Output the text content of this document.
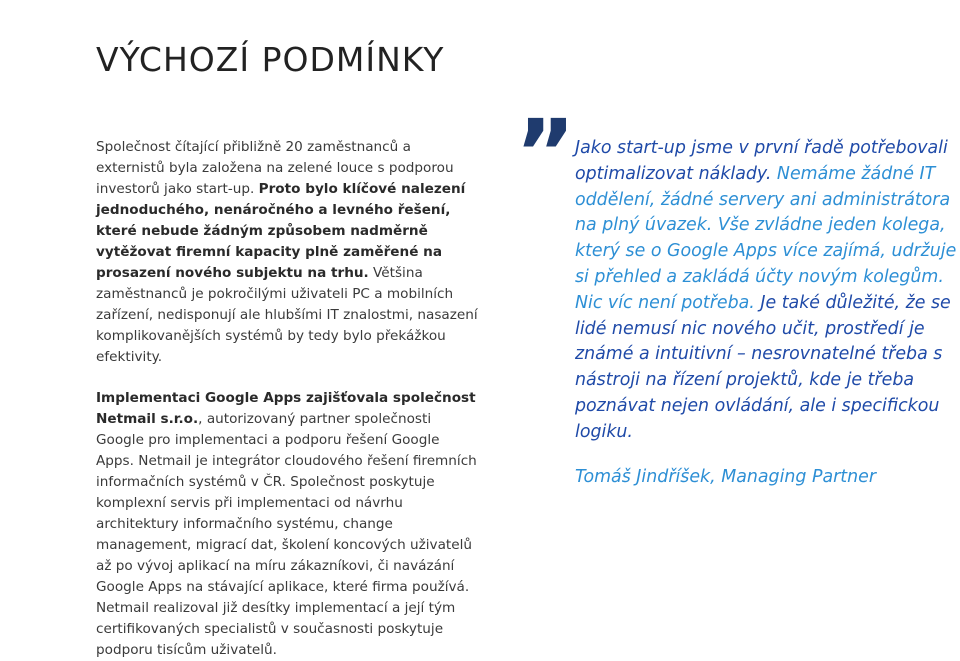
VÝCHOZÍ PODMÍNKY

Společnost čítající přibližně 20 zaměstnanců a externistů byla založena na zelené louce s podporou investorů jako start-up. Proto bylo klíčové nalezení jednoduchého, nenáročného a levného řešení, které nebude žádným způsobem nadměrně vytěžovat firemní kapacity plně zaměřené na prosazení nového subjektu na trhu. Většina zaměstnanců je pokročilými uživateli PC a mobilních zařízení, nedisponují ale hlubšími IT znalostmi, nasazení komplikovanějších systémů by tedy bylo překážkou efektivity.

Implementaci Google Apps zajišťovala společnost Netmail s.r.o., autorizovaný partner společnosti Google pro implementaci a podporu řešení Google Apps. Netmail je integrátor cloudového řešení firemních informačních systémů v ČR. Společnost poskytuje komplexní servis při implementaci od návrhu architektury informačního systému, change management, migrací dat, školení koncových uživatelů až po vývoj aplikací na míru zákazníkovi, či navázání Google Apps na stávající aplikace, které firma používá. Netmail realizoval již desítky implementací a její tým certifikovaných specialistů v současnosti poskytuje podporu tisícům uživatelů.

” Jako start-up jsme v první řadě potřebovali optimalizovat náklady. Nemáme žádné IT oddělení, žádné servery ani administrátora na plný úvazek. Vše zvládne jeden kolega, který se o Google Apps více zajímá, udržuje si přehled a zakládá účty novým kolegům. Nic víc není potřeba. Je také důležité, že se lidé nemusí nic nového učit, prostředí je známé a intuitivní – nesrovnatelné třeba s nástroji na řízení projektů, kde je třeba poznávat nejen ovládání, ale i specifickou logiku.
Tomáš Jindříšek, Managing Partner
